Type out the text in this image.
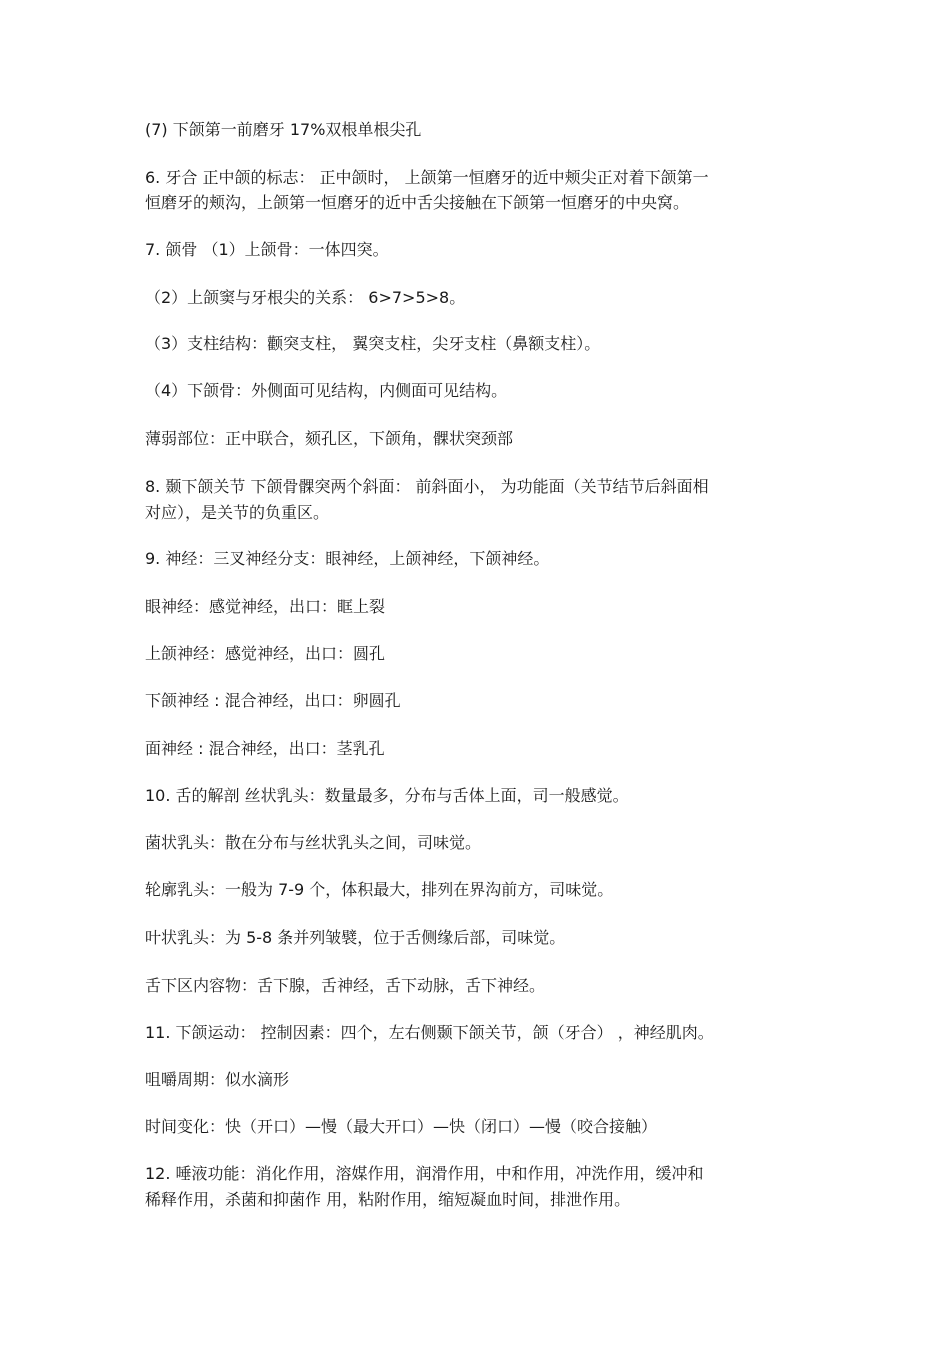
(7) 下颌第一前磨牙 17%双根单根尖孔

6. 牙合 正中颌的标志： 正中颌时， 上颌第一恒磨牙的近中颊尖正对着下颌第一

恒磨牙的颊沟，上颌第一恒磨牙的近中舌尖接触在下颌第一恒磨牙的中央窝。

7. 颌骨 （1）上颌骨：一体四突。

（2）上颌窦与牙根尖的关系： 6>7>5>8。

（3）支柱结构：颧突支柱， 翼突支柱，尖牙支柱（鼻额支柱）。

（4）下颌骨：外侧面可见结构，内侧面可见结构。

薄弱部位：正中联合，颏孔区，下颌角，髁状突颈部

8. 颞下颌关节 下颌骨髁突两个斜面： 前斜面小， 为功能面（关节结节后斜面相

对应），是关节的负重区。

9. 神经：三叉神经分支：眼神经，上颌神经，下颌神经。

眼神经：感觉神经，出口：眶上裂

上颌神经：感觉神经，出口：圆孔

下颌神经 : 混合神经，出口：卵圆孔

面神经 : 混合神经，出口：茎乳孔

10. 舌的解剖 丝状乳头：数量最多，分布与舌体上面，司一般感觉。

菌状乳头：散在分布与丝状乳头之间，司味觉。

轮廓乳头：一般为 7-9 个，体积最大，排列在界沟前方，司味觉。

叶状乳头：为 5-8 条并列皱襞，位于舌侧缘后部，司味觉。

舌下区内容物：舌下腺，舌神经，舌下动脉，舌下神经。

11. 下颌运动： 控制因素：四个，左右侧颞下颌关节，颌（牙合） ，神经肌肉。

咀嚼周期：似水滴形

时间变化：快（开口）—慢（最大开口）—快（闭口）—慢（咬合接触）

12. 唾液功能：消化作用，溶媒作用，润滑作用，中和作用，冲洗作用，缓冲和

稀释作用，杀菌和抑菌作 用，粘附作用，缩短凝血时间，排泄作用。
